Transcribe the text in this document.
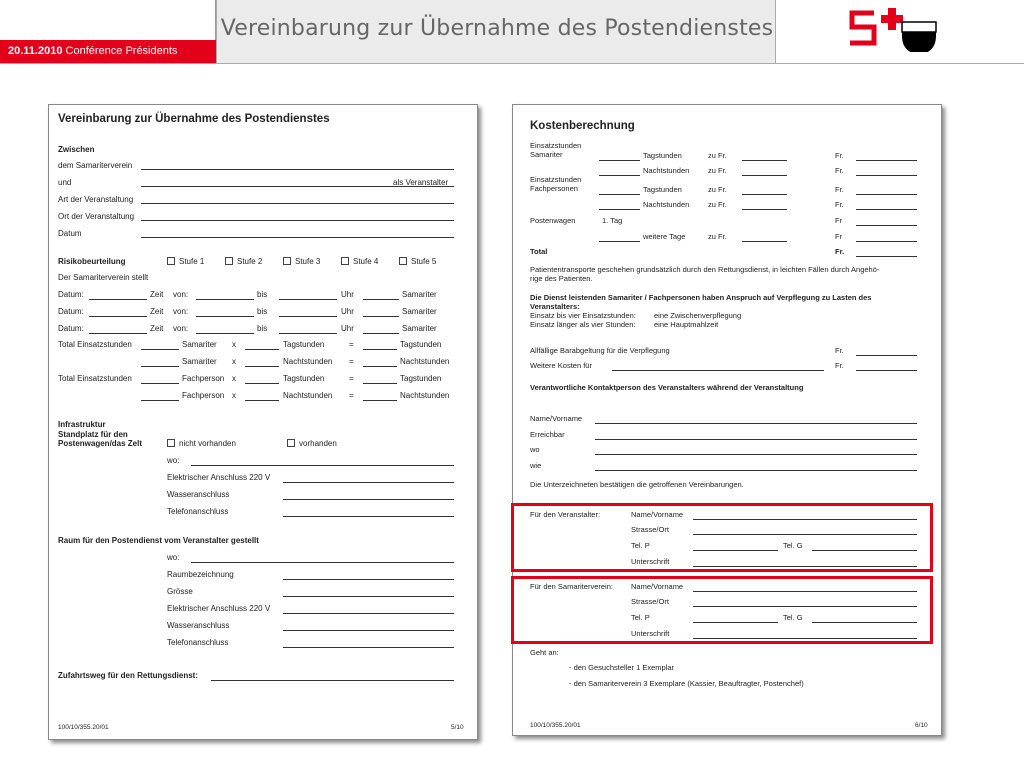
20.11.2010 Conférence Présidents
Vereinbarung zur Übernahme des Postendienstes
Vereinbarung zur Übernahme des Postendienstes
Zwischen
dem Samariterverein
und	als Veranstalter
Art der Veranstaltung
Ort der Veranstaltung
Datum
Risikobeurteilung	Stufe 1	Stufe 2	Stufe 3	Stufe 4	Stufe 5
Der Samariterverein stellt
Datum:	Zeit von:	bis	Uhr	Samariter
Datum:	Zeit von:	bis	Uhr	Samariter
Datum:	Zeit von:	bis	Uhr	Samariter
Total Einsatzstunden	Samariter x	Tagstunden	=	Tagstunden
Samariter x	Nachtstunden =	Nachtstunden
Total Einsatzstunden	Fachperson x	Tagstunden	=	Tagstunden
Fachperson x	Nachtstunden =	Nachtstunden
Infrastruktur
Standplatz für den
Postenwagen/das Zelt	nicht vorhanden	vorhanden
wo:
Elektrischer Anschluss 220 V
Wasseranschluss
Telefonanschluss
Raum für den Postendienst vom Veranstalter gestellt
wo:
Raumbezeichnung
Grösse
Elektrischer Anschluss 220 V
Wasseranschluss
Telefonanschluss
Zufahrtsweg für den Rettungsdienst:
100/10/355.20/01	5/10
Kostenberechnung
Einsatzstunden
Samariter	Tagstunden	zu Fr.	Fr.
Nachtstunden zu Fr.	Fr.
Einsatzstunden
Fachpersonen	Tagstunden	zu Fr.	Fr.
Nachtstunden zu Fr.	Fr.
Postenwagen	1. Tag	Fr
weitere Tage	zu Fr.	Fr
Total	Fr.
Patiententransporte geschehen grundsätzlich durch den Rettungsdienst, in leichten Fällen durch Angehö-
rige des Patienten.
Die Dienst leistenden Samariter / Fachpersonen haben Anspruch auf Verpflegung zu Lasten des
Veranstalters:
Einsatz bis vier Einsatzstunden: eine Zwischenverpflegung
Einsatz länger als vier Stunden: eine Hauptmahlzeit
Allfällige Barabgeltung für die Verpflegung	Fr.
Weitere Kosten für	Fr.
Verantwortliche Kontaktperson des Veranstalters während der Veranstaltung
Name/Vorname
Erreichbar
wo
wie
Die Unterzeichneten bestätigen die getroffenen Vereinbarungen.
Für den Veranstalter:	Name/Vorname
Strasse/Ort
Tel. P	Tel. G
Unterschrift
Für den Samariterverein: Name/Vorname
Strasse/Ort
Tel. P	Tel. G
Unterschrift
Geht an:
- den Gesuchsteller 1 Exemplar
- den Samariterverein 3 Exemplare (Kassier, Beauftragter, Postenchef)
100/10/355.20/01	6/10
